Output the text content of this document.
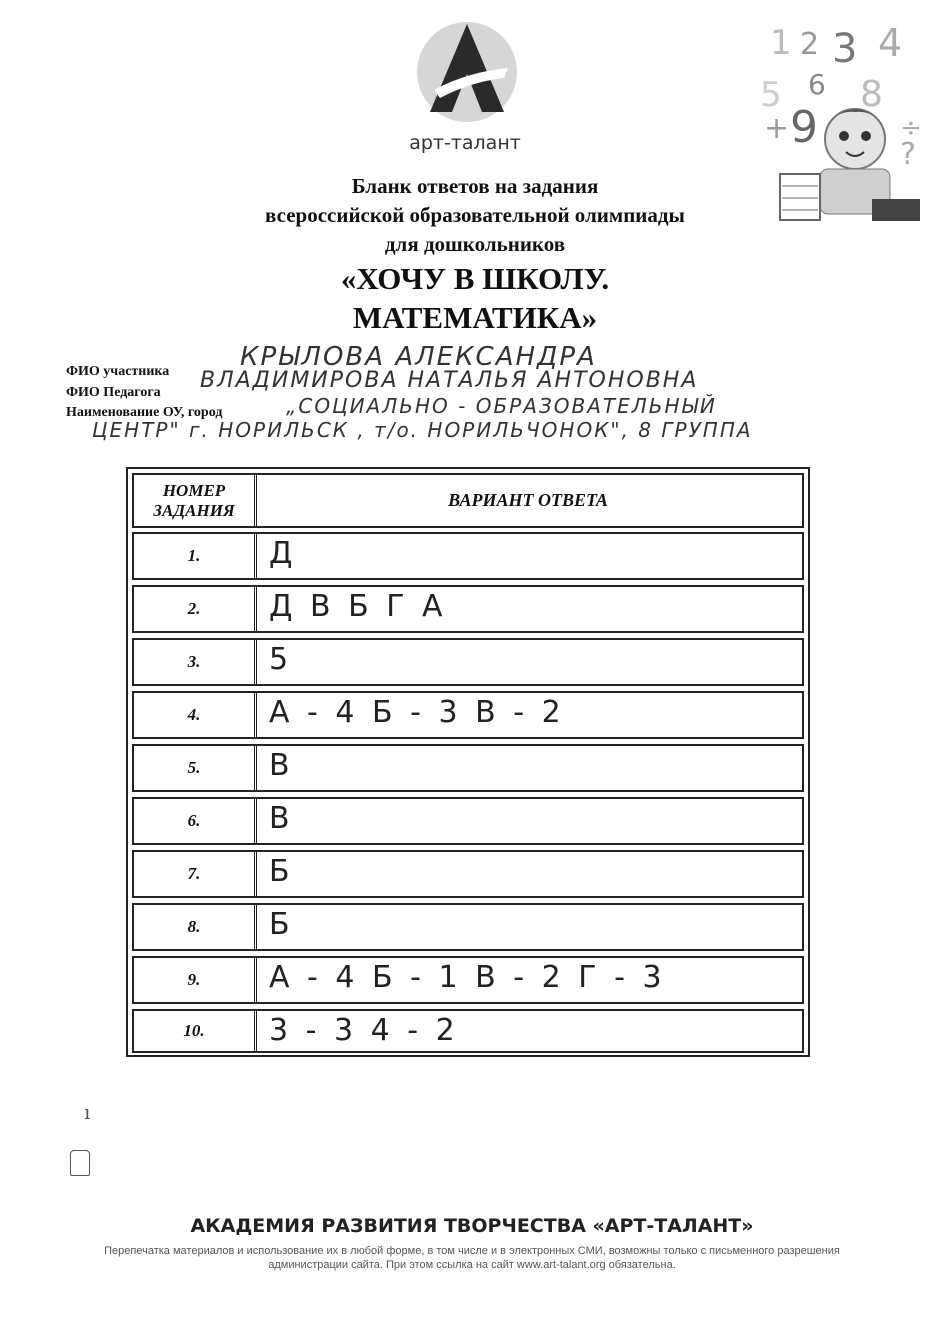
арт-талант
1 2 3 4
5 6 8
+ 9	÷
?

Бланк ответов на задания

всероссийской образовательной олимпиады

для дошкольников

«ХОЧУ В ШКОЛУ.

МАТЕМАТИКА»

ФИО участника	КРЫЛОВА АЛЕКСАНДРА
ФИО Педагога ВЛАДИМИРОВА НАТАЛЬЯ АНТОНОВНА
Наименование ОУ, город	„СОЦИАЛЬНО - ОБРАЗОВАТЕЛЬНЫЙ
ЦЕНТР" г. НОРИЛЬСК , т/о. НОРИЛЬЧОНОК", 8 ГРУППА
НОМЕР ЗАДАНИЯ	ВАРИАНТ ОТВЕТА
1.	Д
2.	Д В Б Г А
3.	5
4.	А - 4 Б - 3 В - 2
5.	В
6.	В
7.	Б
8.	Б
9.	А - 4 Б - 1 В - 2 Г - 3
10.	3 - 3 4 - 2
ı
АКАДЕМИЯ РАЗВИТИЯ ТВОРЧЕСТВА «АРТ-ТАЛАНТ»
Перепечатка материалов и использование их в любой форме, в том числе и в электронных СМИ, возможны только с письменного разрешения администрации сайта. При этом ссылка на сайт www.art-talant.org обязательна.
